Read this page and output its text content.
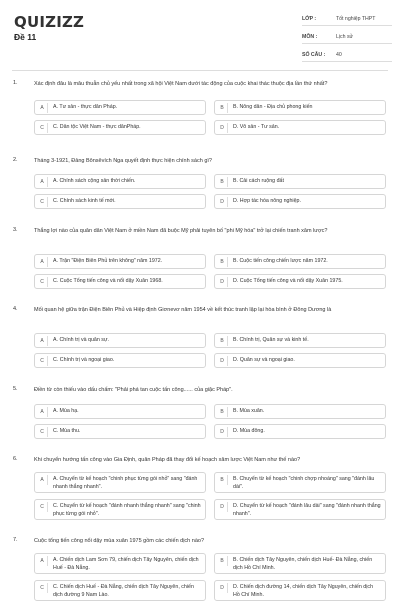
QUIZIZZ
Đề 11
LỚP :	Tốt nghiệp THPT
MÔN :	Lịch sử
SỐ CÂU :	40
1.	Xác định đâu là mâu thuẫn chủ yếu nhất trong xã hội Việt Nam dưới tác động của cuộc khai thác thuộc địa lần thứ nhất?
A	A. Tư sản - thực dân Pháp.	B	B. Nông dân - Địa chủ phong kiến
C	C. Dân tộc Việt Nam - thực dânPháp.	D	D. Vô sản - Tư sản.
2.	Tháng 3-1921, Đảng Bônsêvích Nga quyết định thực hiện chính sách gì?
A	A. Chính sách cộng sản thời chiến.	B	B. Cải cách ruộng đất
C	C. Chính sách kinh tế mới.	D	D. Hợp tác hóa nông nghiệp.
3.	Thắng lợi nào của quân dân Việt Nam ở miền Nam đã buộc Mỹ phải tuyên bố "phi Mỹ hóa" trở lại chiến tranh xâm lược?
A	A. Trận "Điện Biên Phủ trên không" năm 1972.	B	B. Cuộc tiến công chiến lược năm 1972.
C	C. Cuộc Tổng tiến công và nổi dậy Xuân 1968.	D	D. Cuộc Tổng tiến công và nổi dậy Xuân 1975.
4.	Mối quan hệ giữa trận Điện Biên Phủ và Hiệp định Giơnevơ năm 1954 về kết thúc tranh lập lại hòa bình ở Đông Dương là
A	A. Chính trị và quân sự.	B	B. Chính trị, Quân sự và kinh tế.
C	C. Chính trị và ngoại giao.	D	D. Quân sự và ngoại giao.
5.	Điền từ còn thiếu vào dấu chấm: "Phải phá tan cuộc tấn công...... của giặc Pháp".
A	A. Mùa hạ.	B	B. Mùa xuân.
C	C. Mùa thu.	D	D. Mùa đông.
6.	Khi chuyển hướng tấn công vào Gia Định, quân Pháp đã thay đổi kế hoạch xâm lược Việt Nam như thế nào?
A	A. Chuyển từ kế hoạch "chinh phục từng gói nhỏ" sang "đánh nhanh thắng nhanh".
B	B. Chuyển từ kế hoạch "chinh chợp nhoáng" sang "đánh lâu dài".
C	C. Chuyển từ kế hoạch "đánh nhanh thắng nhanh" sang "chinh phục từng gói nhỏ".
D	D. Chuyển từ kế hoạch "đánh lâu dài" sang "đánh nhanh thắng nhanh".
7.	Cuộc tổng tiến công nổi dậy mùa xuân 1975 gồm các chiến dịch nào?
A	A. Chiến dịch Lam Sơn 79, chiến dịch Tây Nguyên, chiến dịch Huế - Đà Nẵng.
B	B. Chiến dịch Tây Nguyên, chiến dịch Huế- Đà Nẵng, chiến dịch Hồ Chí Minh.
C	C. Chiến dịch Huế - Đà Nẵng, chiến dịch Tây Nguyên, chiến dịch đường 9 Nam Lào.
D	D. Chiến dịch đường 14, chiến dịch Tây Nguyên, chiến dịch Hồ Chí Minh.
